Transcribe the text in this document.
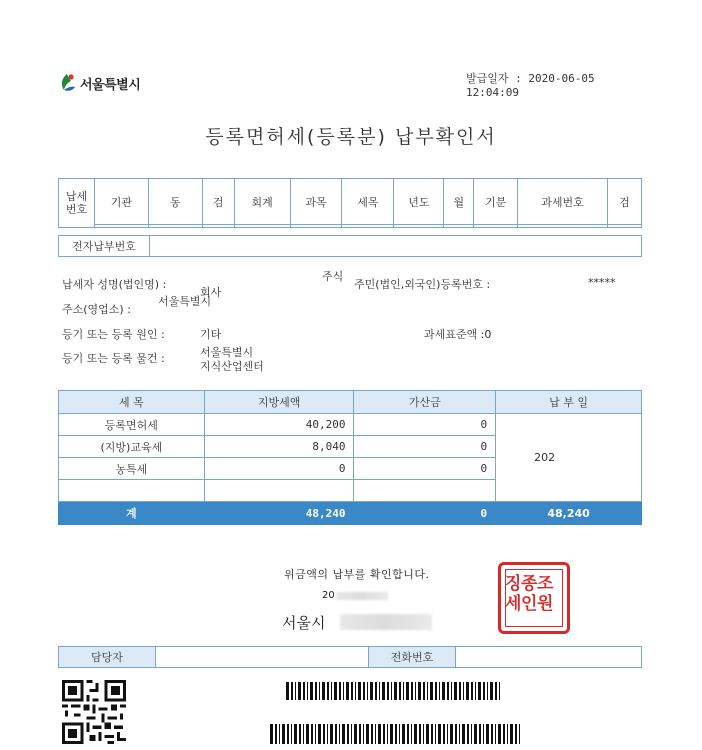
서울특별시	발급일자 : 2020-06-05
12:04:09
등록면허세(등록분) 납부확인서
납세
번호	기관	동	검	회계	과목	세목	년도	월	기분	과세번호	검

전자납부번호	
납세자 성명(법인명) :
주식
회사
주민(법인,외국인)등록번호 :	*****
주소(영업소) :
서울특별시
등기 또는 등록 원인 :	기타	과세표준액 :0
등기 또는 등록 물건 :	서울특별시
지식산업센터
세 목	지방세액	가산금	납 부 일
등록면허세	40,200	0	202
(지방)교육세	8,040	0	
농특세	0	0	

계	48,240	0	48,240
위금액의 납부를 확인합니다.
20
서울시
조
원
종
인
징
세
담당자		전화번호	
